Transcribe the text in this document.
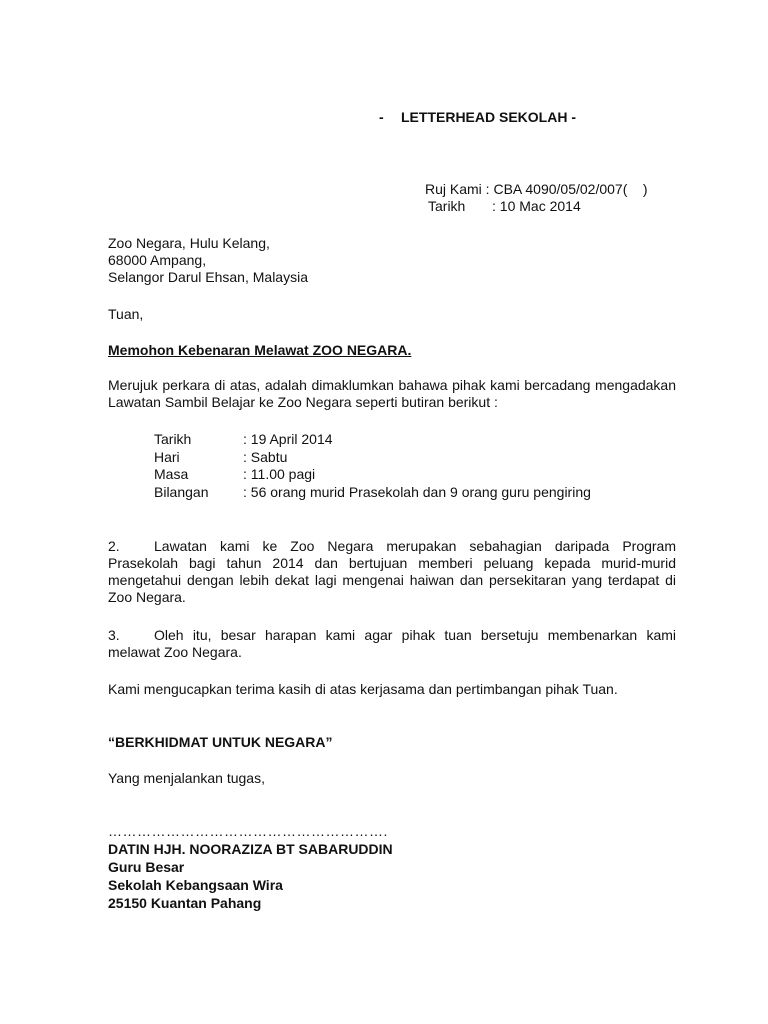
- LETTERHEAD SEKOLAH -
Ruj Kami : CBA 4090/05/02/007(    )
Tarikh : 10 Mac 2014
Zoo Negara, Hulu Kelang,
68000 Ampang,
Selangor Darul Ehsan, Malaysia
Tuan,
Memohon Kebenaran Melawat ZOO NEGARA.
Merujuk perkara di atas, adalah dimaklumkan bahawa pihak kami bercadang mengadakan Lawatan Sambil Belajar ke Zoo Negara seperti butiran berikut :
Tarikh	: 19 April 2014
Hari	: Sabtu
Masa	: 11.00 pagi
Bilangan : 56 orang murid Prasekolah dan 9 orang guru pengiring
2. Lawatan kami ke Zoo Negara merupakan sebahagian daripada Program Prasekolah bagi tahun 2014 dan bertujuan memberi peluang kepada murid-murid mengetahui dengan lebih dekat lagi mengenai haiwan dan persekitaran yang terdapat di Zoo Negara.
3. Oleh itu, besar harapan kami agar pihak tuan bersetuju membenarkan kami melawat Zoo Negara.
Kami mengucapkan terima kasih di atas kerjasama dan pertimbangan pihak Tuan.
“BERKHIDMAT UNTUK NEGARA”
Yang menjalankan tugas,
………………………………………………….
DATIN HJH. NOORAZIZA BT SABARUDDIN
Guru Besar
Sekolah Kebangsaan Wira
25150 Kuantan Pahang
